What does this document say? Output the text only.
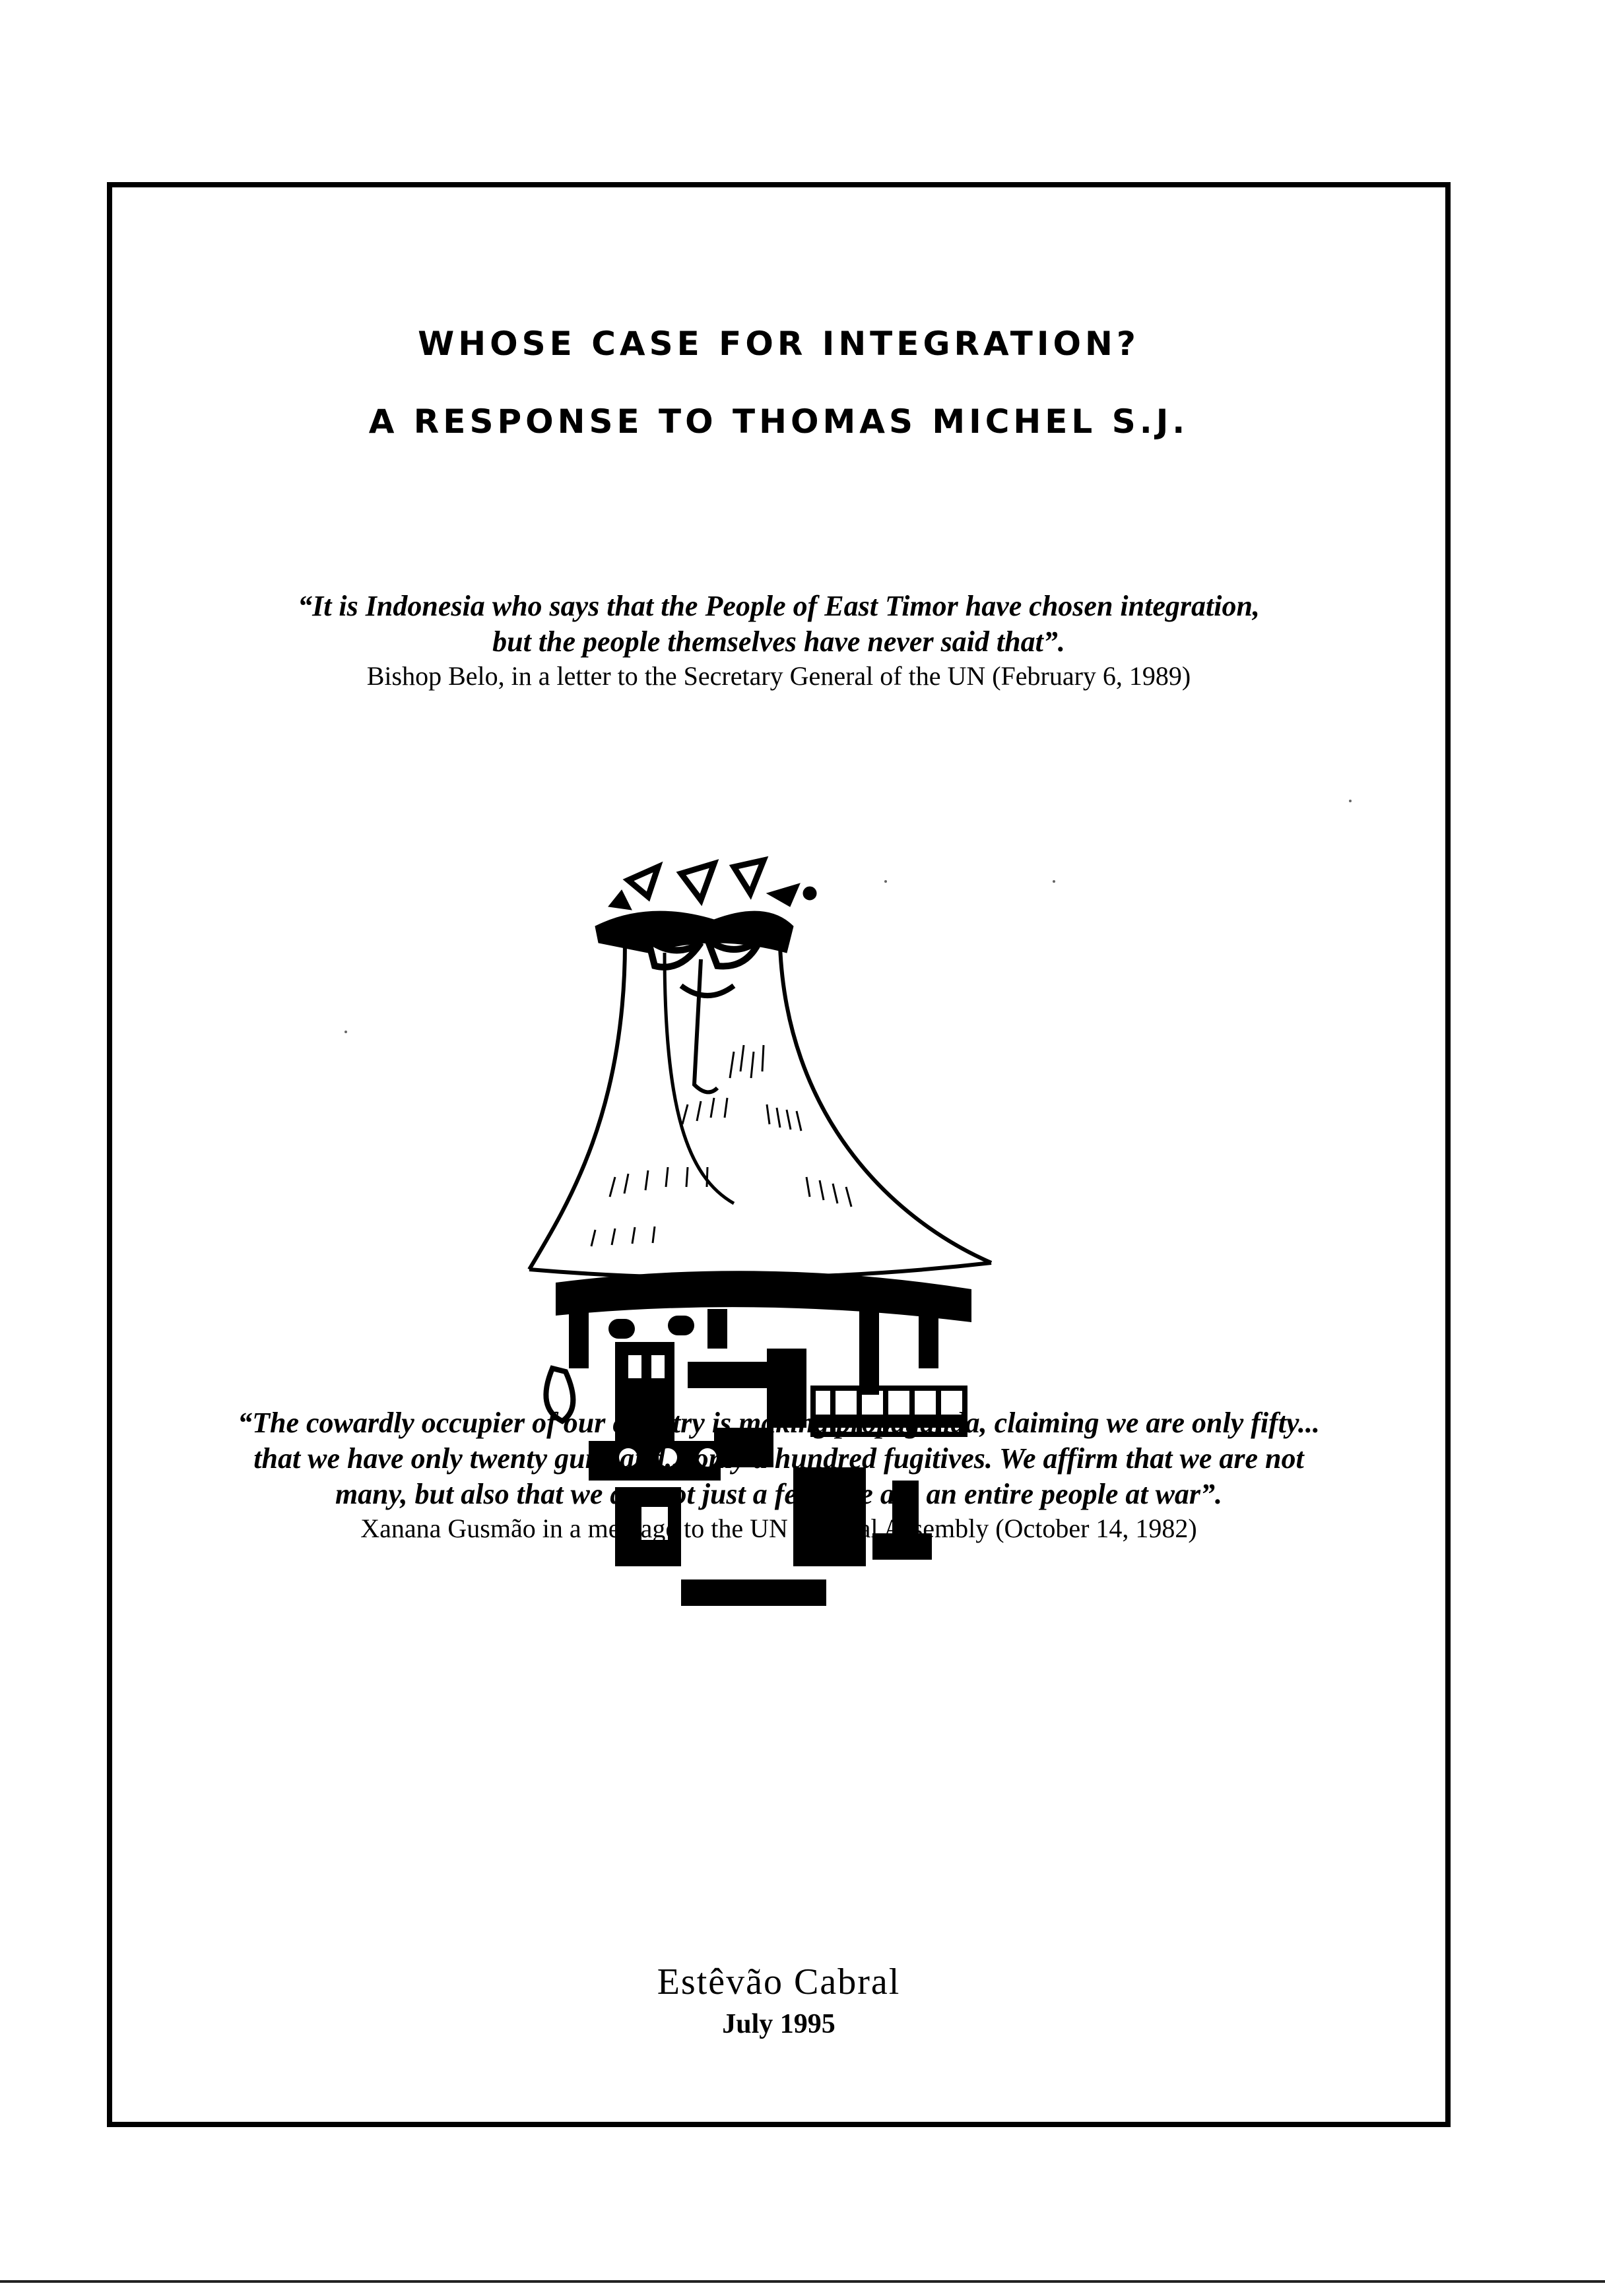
WHOSE CASE FOR INTEGRATION?
A RESPONSE TO THOMAS MICHEL S.J.
“It is Indonesia who says that the People of East Timor have chosen integration,
but the people themselves have never said that”.
Bishop Belo, in a letter to the Secretary General of the UN (February 6, 1989)
“The cowardly occupier of our country is making propaganda, claiming we are only fifty...
that we have only twenty guns and... only a hundred fugitives. We affirm that we are not
many, but also that we are not just a few - we are an entire people at war”.
Xanana Gusmão in a message to the UN General Assembly (October 14, 1982)
Estêvão Cabral
July 1995
